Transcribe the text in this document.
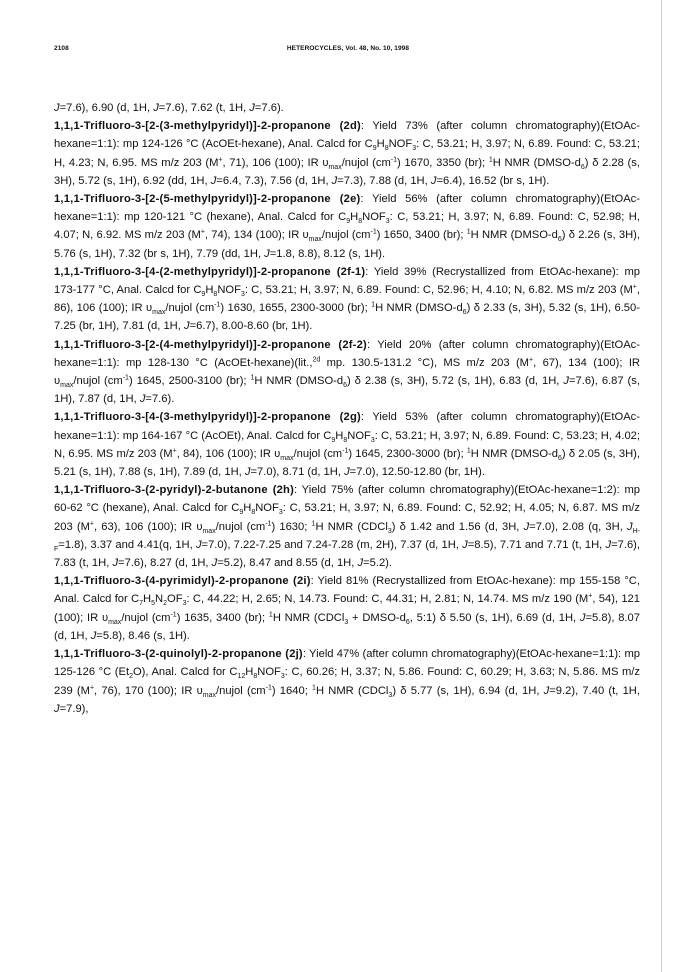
2108	HETEROCYCLES, Vol. 48, No. 10, 1998

J=7.6), 6.90 (d, 1H, J=7.6), 7.62 (t, 1H, J=7.6).

1,1,1-Trifluoro-3-[2-(3-methylpyridyl)]-2-propanone (2d): Yield 73% (after column chromatography)(EtOAc-hexane=1:1): mp 124-126 °C (AcOEt-hexane), Anal. Calcd for $C_9H_8NOF_3$: C, 53.21; H, 3.97; N, 6.89. Found: C, 53.21; H, 4.23; N, 6.95. MS m/z 203 (M+, 71), 106 (100); IR $\upsilon_{max}$/nujol $(cm^{-1})$ 1670, 3350 (br); $^1$H NMR $(DMSO-d_6)$ δ 2.28 (s, 3H), 5.72 (s, 1H), 6.92 (dd, 1H, J=6.4, 7.3), 7.56 (d, 1H, J=7.3), 7.88 (d, 1H, J=6.4), 16.52 (br s, 1H).

1,1,1-Trifluoro-3-[2-(5-methylpyridyl)]-2-propanone (2e): Yield 56% (after column chromatography)(EtOAc-hexane=1:1): mp 120-121 °C (hexane), Anal. Calcd for $C_9H_8NOF_3$: C, 53.21; H, 3.97; N, 6.89. Found: C, 52.98; H, 4.07; N, 6.92. MS m/z 203 (M+, 74), 134 (100); IR $\upsilon_{max}$/nujol $(cm^{-1})$ 1650, 3400 (br); $^1$H NMR $(DMSO-d_6)$ δ 2.26 (s, 3H), 5.76 (s, 1H), 7.32 (br s, 1H), 7.79 (dd, 1H, J=1.8, 8.8), 8.12 (s, 1H).

1,1,1-Trifluoro-3-[4-(2-methylpyridyl)]-2-propanone (2f-1): Yield 39% (Recrystallized from EtOAc-hexane): mp 173-177 °C, Anal. Calcd for $C_9H_8NOF_3$: C, 53.21; H, 3.97; N, 6.89. Found: C, 52.96; H, 4.10; N, 6.82. MS m/z 203 (M+, 86), 106 (100); IR $\upsilon_{max}$/nujol $(cm^{-1})$ 1630, 1655, 2300-3000 (br); $^1$H NMR $(DMSO-d_6)$ δ 2.33 (s, 3H), 5.32 (s, 1H), 6.50-7.25 (br, 1H), 7.81 (d, 1H, J=6.7), 8.00-8.60 (br, 1H).

1,1,1-Trifluoro-3-[2-(4-methylpyridyl)]-2-propanone (2f-2): Yield 20% (after column chromatography)(EtOAc-hexane=1:1): mp 128-130 °C (AcOEt-hexane)(lit.,$^{2d}$ mp. 130.5-131.2 °C), MS m/z 203 (M+, 67), 134 (100); IR $\upsilon_{max}$/nujol $(cm^{-1})$ 1645, 2500-3100 (br); $^1$H NMR $(DMSO-d_6)$ δ 2.38 (s, 3H), 5.72 (s, 1H), 6.83 (d, 1H, J=7.6), 6.87 (s, 1H), 7.87 (d, 1H, J=7.6).

1,1,1-Trifluoro-3-[4-(3-methylpyridyl)]-2-propanone (2g): Yield 53% (after column chromatography)(EtOAc-hexane=1:1): mp 164-167 °C (AcOEt), Anal. Calcd for $C_9H_8NOF_3$: C, 53.21; H, 3.97; N, 6.89. Found: C, 53.23; H, 4.02; N, 6.95. MS m/z 203 (M+, 84), 106 (100); IR $\upsilon_{max}$/nujol $(cm^{-1})$ 1645, 2300-3000 (br); $^1$H NMR $(DMSO-d_6)$ δ 2.05 (s, 3H), 5.21 (s, 1H), 7.88 (s, 1H), 7.89 (d, 1H, J=7.0), 8.71 (d, 1H, J=7.0), 12.50-12.80 (br, 1H).

1,1,1-Trifluoro-3-(2-pyridyl)-2-butanone (2h): Yield 75% (after column chromatography)(EtOAc-hexane=1:2): mp 60-62 °C (hexane), Anal. Calcd for $C_9H_8NOF_3$: C, 53.21; H, 3.97; N, 6.89. Found: C, 52.92; H, 4.05; N, 6.87. MS m/z 203 (M+, 63), 106 (100); IR $\upsilon_{max}$/nujol $(cm^{-1})$ 1630; $^1$H NMR (CDCl$_3$) δ 1.42 and 1.56 (d, 3H, J=7.0), 2.08 (q, 3H, $J_{H-F}=1.8$), 3.37 and 4.41(q, 1H, J=7.0), 7.22-7.25 and 7.24-7.28 (m, 2H), 7.37 (d, 1H, J=8.5), 7.71 and 7.71 (t, 1H, J=7.6), 7.83 (t, 1H, J=7.6), 8.27 (d, 1H, J=5.2), 8.47 and 8.55 (d, 1H, J=5.2).

1,1,1-Trifluoro-3-(4-pyrimidyl)-2-propanone (2i): Yield 81% (Recrystallized from EtOAc-hexane): mp 155-158 °C, Anal. Calcd for $C_7H_5N_2OF_3$: C, 44.22; H, 2.65; N, 14.73. Found: C, 44.31; H, 2.81; N, 14.74. MS m/z 190 (M+, 54), 121 (100); IR $\upsilon_{max}$/nujol $(cm^{-1})$ 1635, 3400 (br); $^1$H NMR (CDCl$_3$ + DMSO-$d_6$, 5:1) δ 5.50 (s, 1H), 6.69 (d, 1H, J=5.8), 8.07 (d, 1H, J=5.8), 8.46 (s, 1H).

1,1,1-Trifluoro-3-(2-quinolyl)-2-propanone (2j): Yield 47% (after column chromatography)(EtOAc-hexane=1:1): mp 125-126 °C $(Et_2O)$, Anal. Calcd for $C_{12}H_8NOF_3$: C, 60.26; H, 3.37; N, 5.86. Found: C, 60.29; H, 3.63; N, 5.86. MS m/z 239 (M+, 76), 170 (100); IR $\upsilon_{max}$/nujol $(cm^{-1})$ 1640; $^1$H NMR (CDCl$_3$) δ 5.77 (s, 1H), 6.94 (d, 1H, J=9.2), 7.40 (t, 1H, J=7.9),
